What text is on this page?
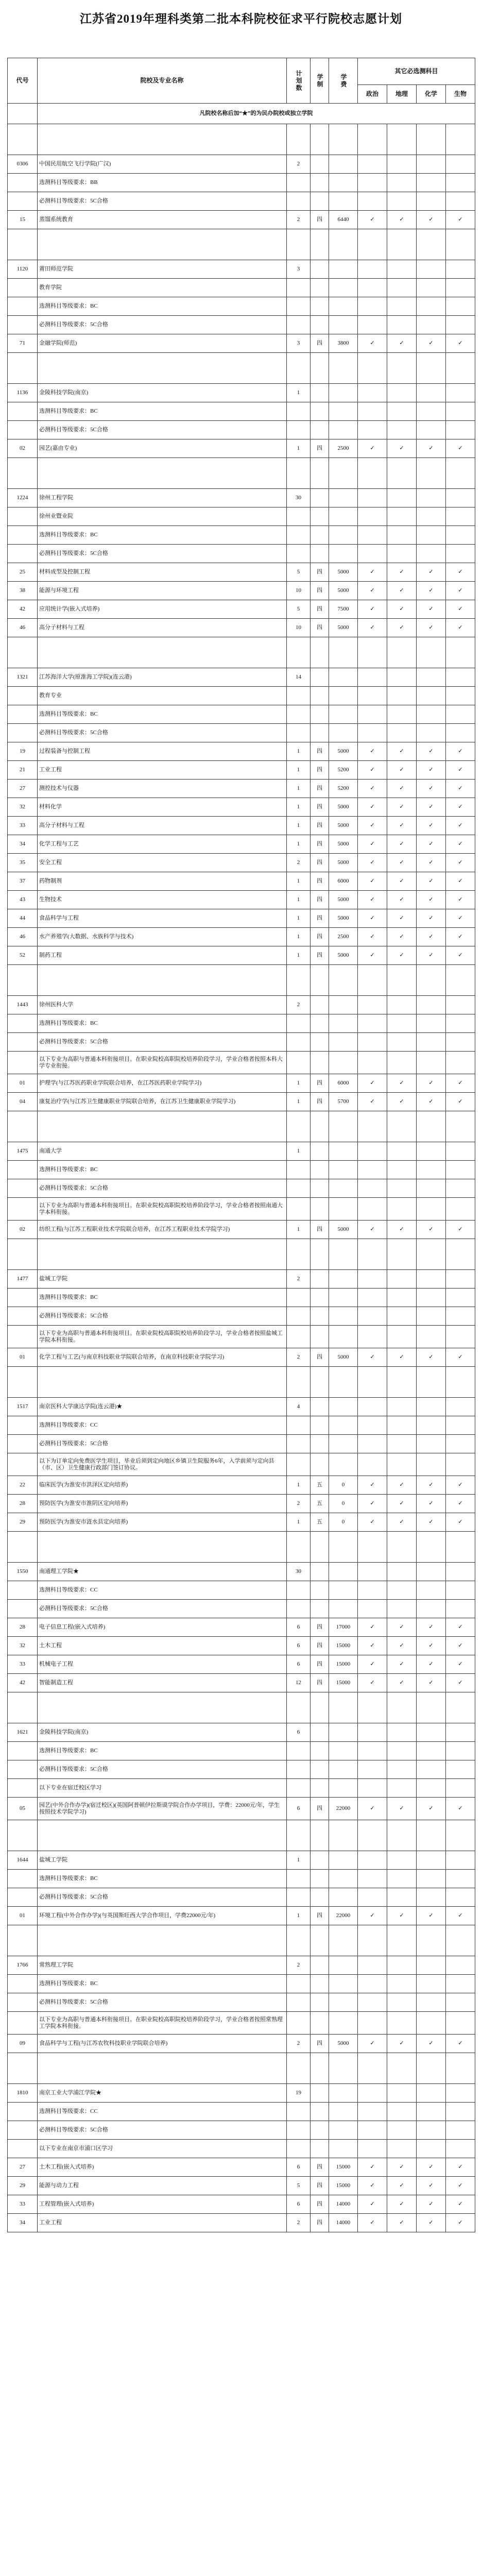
江苏省2019年理科类第二批本科院校征求平行院校志愿计划
代号	院校及专业名称	计划数	学制	学费	其它必选测科目			
					政治	地理	化学	生物
	凡院校名称后加“★”的为民办院校或独立学院							

0306	中国民用航空飞行学院(广汉)	2						
	选测科目等级要求：BB							
	必测科目等级要求：5C合格							
15	蒸馏系统教育	2	四	6440	✓	✓	✓	✓

1120	莆田师范学院	3						
	教育学院							
	选测科目等级要求：BC							
	必测科目等级要求：5C合格							
71	金融学院(师范)	3	四	3800	✓	✓	✓	✓

1136	金陵科技学院(南京)	1						
	选测科目等级要求：BC							
	必测科目等级要求：5C合格							
02	园艺(嘉由专业)	1	四	2500	✓	✓	✓	✓

1224	徐州工程学院	30						
	徐州业暨业院							
	选测科目等级要求：BC							
	必测科目等级要求：5C合格							
25	材料成型及控制工程	5	四	5000	✓	✓	✓	✓
38	能源与环境工程	10	四	5000	✓	✓	✓	✓
42	应用统计学(嵌入式培养)	5	四	7500	✓	✓	✓	✓
46	高分子材料与工程	10	四	5000	✓	✓	✓	✓

1321	江苏海洋大学(原淮海工学院)(连云港)	14						
	教育专业							
	选测科目等级要求：BC							
	必测科目等级要求：5C合格							
19	过程装备与控制工程	1	四	5000	✓	✓	✓	✓
21	工业工程	1	四	5200	✓	✓	✓	✓
27	测控技术与仪器	1	四	5200	✓	✓	✓	✓
32	材料化学	1	四	5000	✓	✓	✓	✓
33	高分子材料与工程	1	四	5000	✓	✓	✓	✓
34	化学工程与工艺	1	四	5000	✓	✓	✓	✓
35	安全工程	2	四	5000	✓	✓	✓	✓
37	药物制剂	1	四	6000	✓	✓	✓	✓
43	生物技术	1	四	5000	✓	✓	✓	✓
44	食品科学与工程	1	四	5000	✓	✓	✓	✓
46	水产养殖学(大数据、水族科学与技术)	1	四	2500	✓	✓	✓	✓
52	制药工程	1	四	5000	✓	✓	✓	✓

1443	徐州医科大学	2						
	选测科目等级要求：BC							
	必测科目等级要求：5C合格							
	以下专业为高职与普通本科衔接项目。在职业院校高职院校培养阶段学习，学业合格者按照本科大学专业衔接。							
01	护理学(与江苏医药职业学院联合培养，在江苏医药职业学院学习)	1	四	6000	✓	✓	✓	✓
04	康复治疗学(与江苏卫生健康职业学院联合培养，在江苏卫生健康职业学院学习)	1	四	5700	✓	✓	✓	✓

1475	南通大学	1						
	选测科目等级要求：BC							
	必测科目等级要求：5C合格							
	以下专业为高职与普通本科衔接项目。在职业院校高职院校培养阶段学习，学业合格者按照南通大学本科衔接。							
02	纺织工程(与江苏工程职业技术学院联合培养，在江苏工程职业技术学院学习)	1	四	5000	✓	✓	✓	✓

1477	盐城工学院	2						
	选测科目等级要求：BC							
	必测科目等级要求：5C合格							
	以下专业为高职与普通本科衔接项目。在职业院校高职院校培养阶段学习，学业合格者按照盐城工学院本科衔接。							
01	化学工程与工艺(与南京科技职业学院联合培养，在南京科技职业学院学习)	2	四	5000	✓	✓	✓	✓

1517	南京医科大学康达学院(连云港)★	4						
	选测科目等级要求：CC							
	必测科目等级要求：5C合格							
	以下为订单定向免费医学生项目，毕业后须到定向地区乡镇卫生院服务6年，入学前须与定向县（市、区）卫生健康行政部门签订协议。							
22	临床医学(为淮安市洪泽区定向培养)	1	五	0	✓	✓	✓	✓
28	预防医学(为淮安市淮阴区定向培养)	2	五	0	✓	✓	✓	✓
29	预防医学(为淮安市涟水县定向培养)	1	五	0	✓	✓	✓	✓

1550	南通理工学院★	30						
	选测科目等级要求：CC							
	必测科目等级要求：5C合格							
28	电子信息工程(嵌入式培养)	6	四	17000	✓	✓	✓	✓
32	土木工程	6	四	15000	✓	✓	✓	✓
33	机械电子工程	6	四	15000	✓	✓	✓	✓
42	智能制造工程	12	四	15000	✓	✓	✓	✓

1621	金陵科技学院(南京)	6						
	选测科目等级要求：BC							
	必测科目等级要求：5C合格							
	以下专业在宿迁校区学习							
05	园艺(中外合作办学)(宿迁校区)(英国阿普顿伊拉斯谟学院合作办学项目，学费：22000元/年，学生按照技术学院学习)	6	四	22000	✓	✓	✓	✓

1644	盐城工学院	1						
	选测科目等级要求：BC							
	必测科目等级要求：5C合格							
01	环境工程(中外合作办学)(与英国斯旺西大学合作项目，学费22000元/年)	1	四	22000	✓	✓	✓	✓

1766	常熟理工学院	2						
	选测科目等级要求：BC							
	必测科目等级要求：5C合格							
	以下专业为高职与普通本科衔接项目。在职业院校高职院校培养阶段学习，学业合格者按照常熟理工学院本科衔接。							
09	食品科学与工程(与江苏农牧科技职业学院联合培养)	2	四	5000	✓	✓	✓	✓

1810	南京工业大学浦江学院★	19						
	选测科目等级要求：CC							
	必测科目等级要求：5C合格							
	以下专业在南京市浦口区学习							
27	土木工程(嵌入式培养)	6	四	15000	✓	✓	✓	✓
29	能源与动力工程	5	四	15000	✓	✓	✓	✓
33	工程管理(嵌入式培养)	6	四	14000	✓	✓	✓	✓
34	工业工程	2	四	14000	✓	✓	✓	✓
